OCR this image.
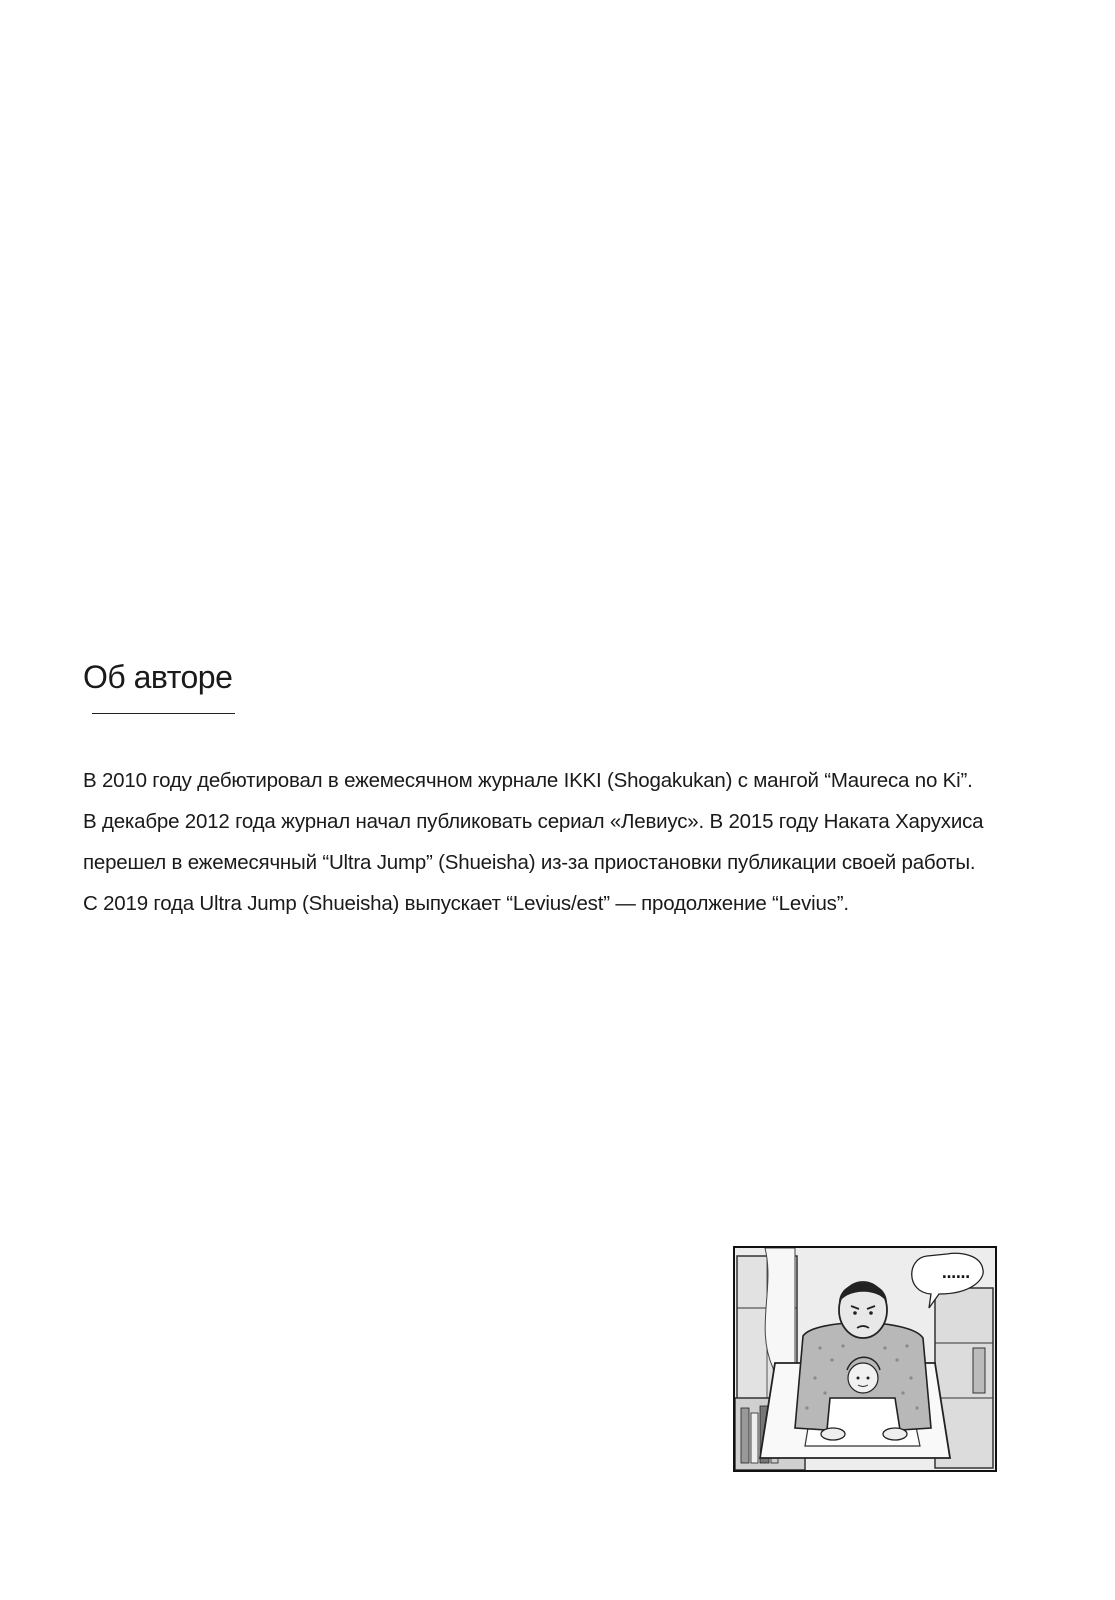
Об авторе

В 2010 году дебютировал в ежемесячном журнале IKKI (Shogakukan) с мангой “Maureca no Ki”.
В декабре 2012 года журнал начал публиковать сериал «Левиус». В 2015 году Наката Харухиса
перешел в ежемесячный “Ultra Jump” (Shueisha) из-за приостановки публикации своей работы.
С 2019 года Ultra Jump (Shueisha) выпускает “Levius/est” — продолжение “Levius”.

……
